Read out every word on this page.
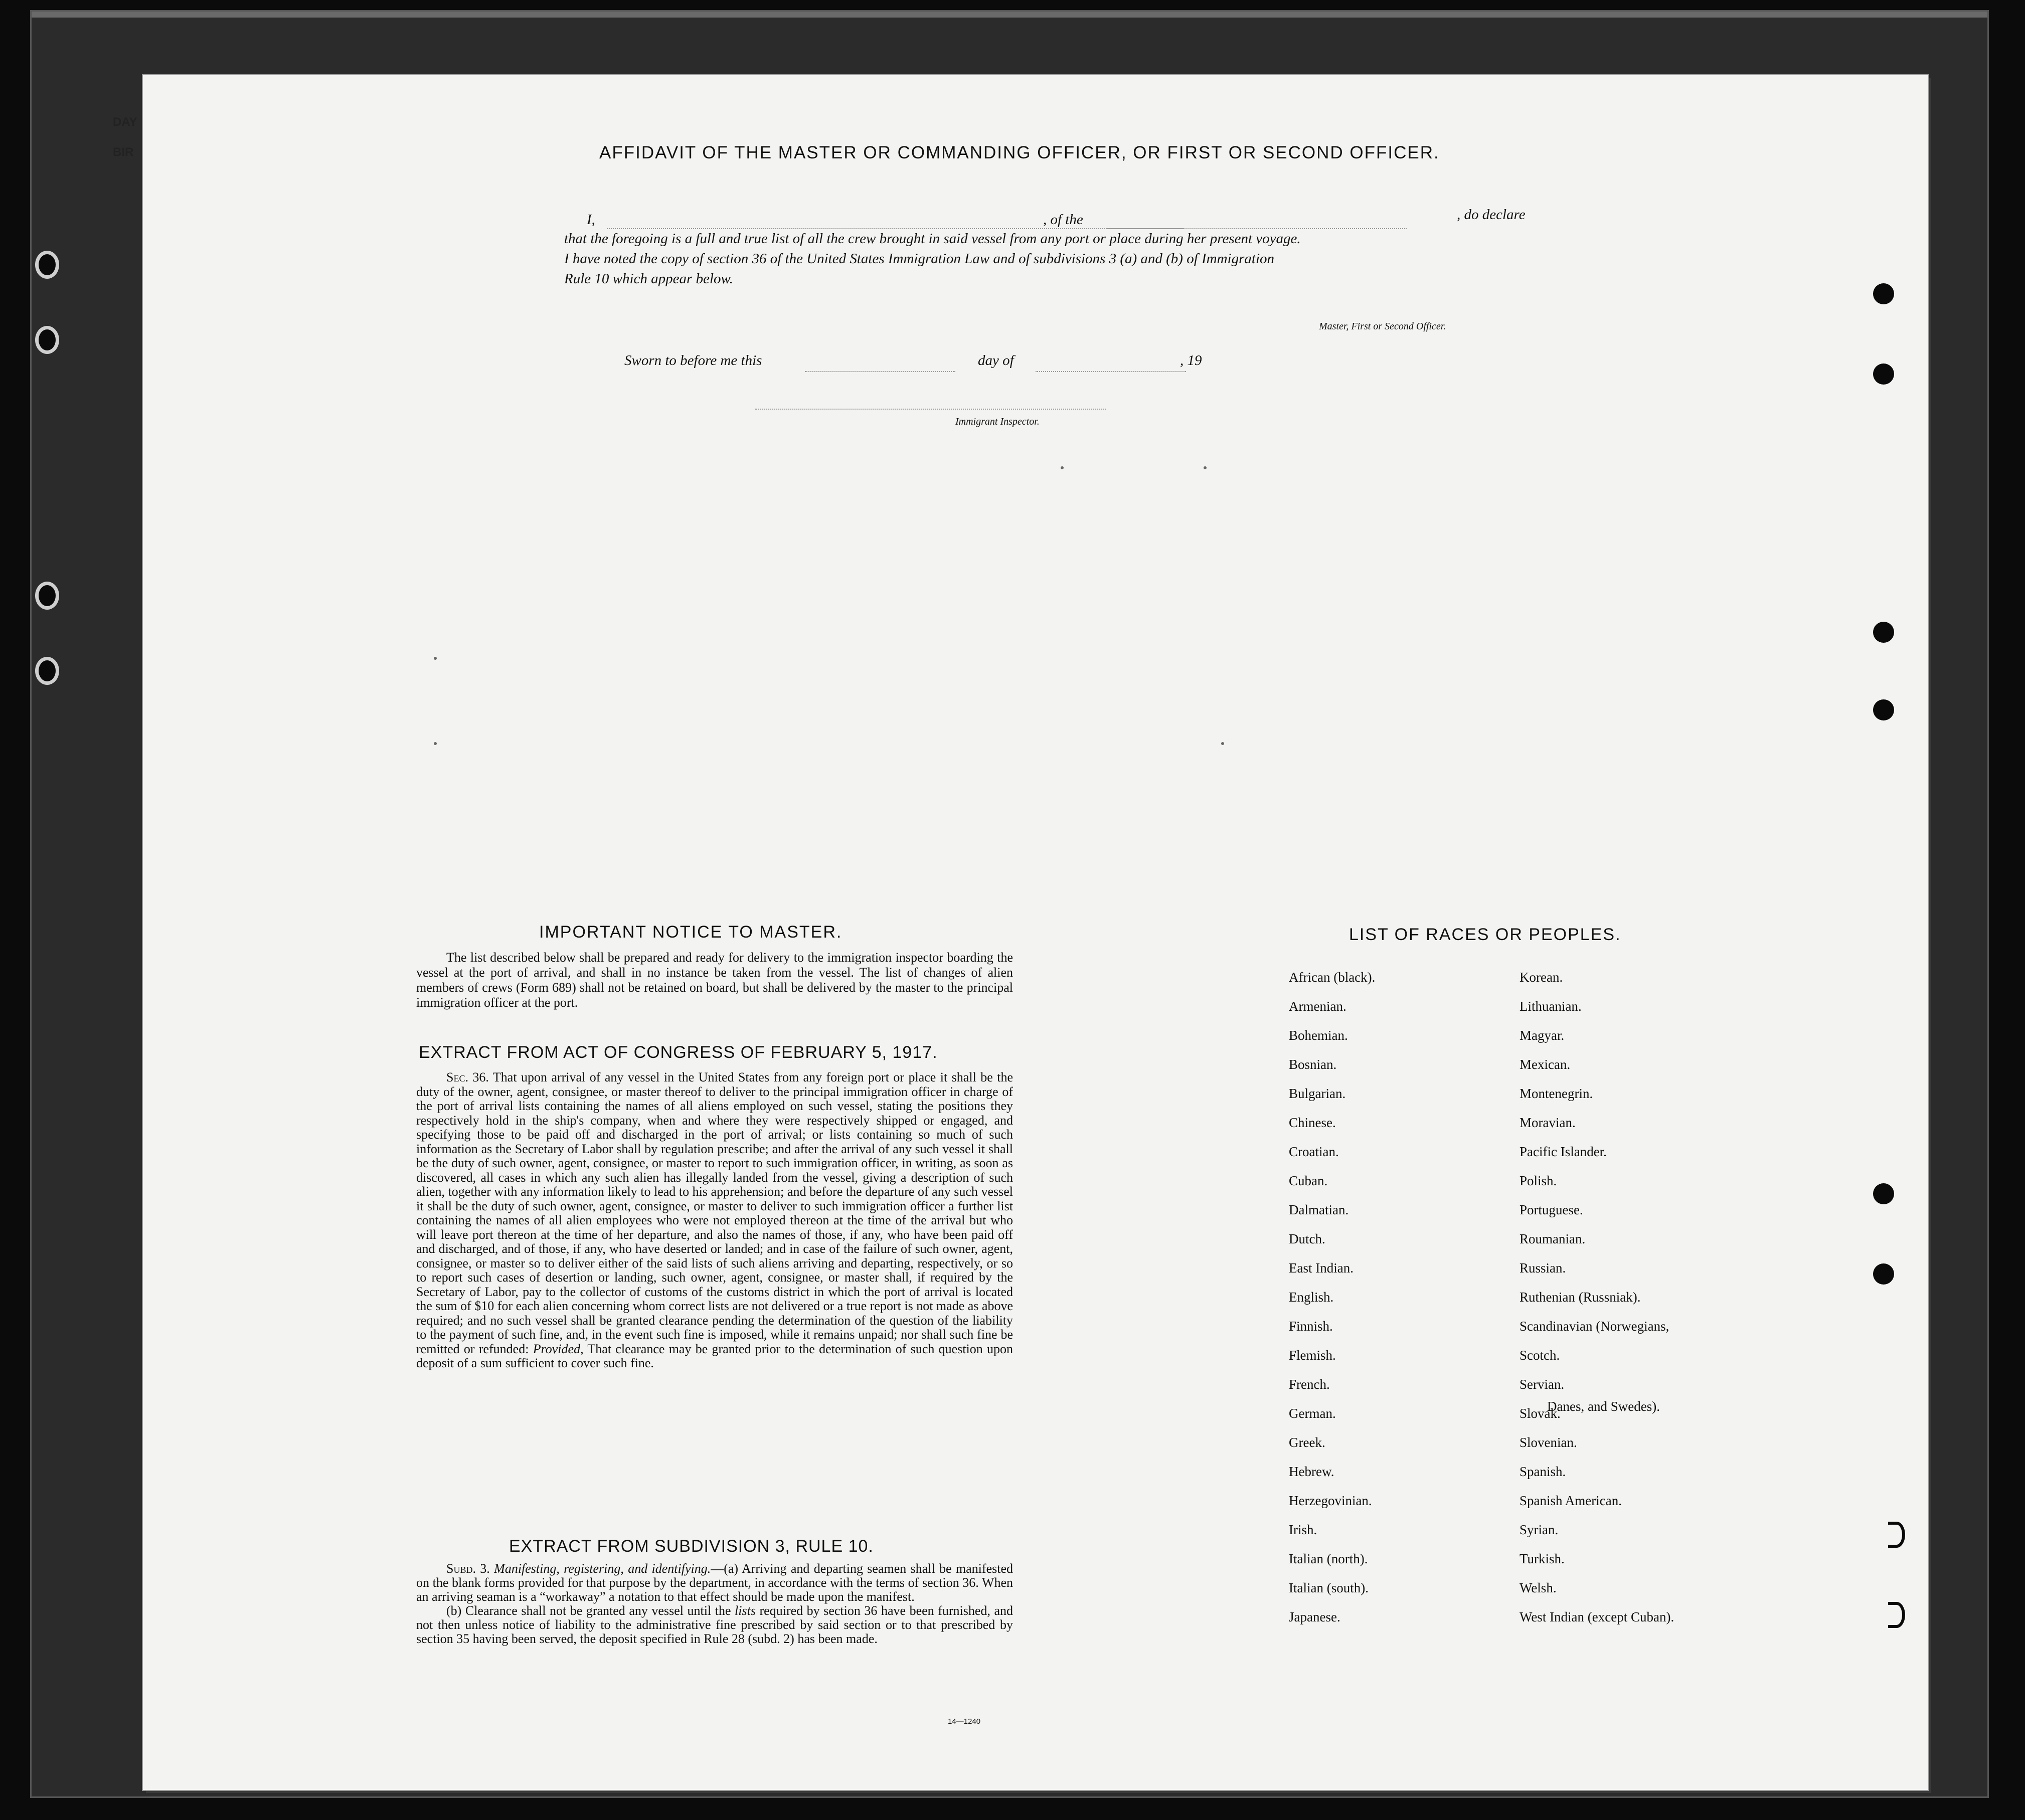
DAY
BIR	AFFIDAVIT OF THE MASTER OR COMMANDING OFFICER, OR FIRST OR SECOND OFFICER.
I,	, of the	, do declare
that the foregoing is a full and true list of all the crew brought in said vessel from any port or place during her present voyage.
I have noted the copy of section 36 of the United States Immigration Law and of subdivisions 3 (a) and (b) of Immigration
Rule 10 which appear below.
Master, First or Second Officer.
Sworn to before me this	day of	, 19
Immigrant Inspector.
IMPORTANT NOTICE TO MASTER.
The list described below shall be prepared and ready for delivery to the immigration inspector boarding the vessel at the port of arrival, and shall in no instance be taken from the vessel. The list of changes of alien members of crews (Form 689) shall not be retained on board, but shall be delivered by the master to the principal immigration officer at the port.
EXTRACT FROM ACT OF CONGRESS OF FEBRUARY 5, 1917.
Sec. 36. That upon arrival of any vessel in the United States from any foreign port or place it shall be the duty of the owner, agent, consignee, or master thereof to deliver to the principal immigration officer in charge of the port of arrival lists containing the names of all aliens employed on such vessel, stating the positions they respectively hold in the ship's company, when and where they were respectively shipped or engaged, and specifying those to be paid off and discharged in the port of arrival; or lists containing so much of such information as the Secretary of Labor shall by regulation prescribe; and after the arrival of any such vessel it shall be the duty of such owner, agent, consignee, or master to report to such immigration officer, in writing, as soon as discovered, all cases in which any such alien has illegally landed from the vessel, giving a description of such alien, together with any information likely to lead to his apprehension; and before the departure of any such vessel it shall be the duty of such owner, agent, consignee, or master to deliver to such immigration officer a further list containing the names of all alien employees who were not employed thereon at the time of the arrival but who will leave port thereon at the time of her departure, and also the names of those, if any, who have been paid off and discharged, and of those, if any, who have deserted or landed; and in case of the failure of such owner, agent, consignee, or master so to deliver either of the said lists of such aliens arriving and departing, respectively, or so to report such cases of desertion or landing, such owner, agent, consignee, or master shall, if required by the Secretary of Labor, pay to the collector of customs of the customs district in which the port of arrival is located the sum of $10 for each alien concerning whom correct lists are not delivered or a true report is not made as above required; and no such vessel shall be granted clearance pending the determination of the question of the liability to the payment of such fine, and, in the event such fine is imposed, while it remains unpaid; nor shall such fine be remitted or refunded: Provided, That clearance may be granted prior to the determination of such question upon deposit of a sum sufficient to cover such fine.
EXTRACT FROM SUBDIVISION 3, RULE 10.
Subd. 3. Manifesting, registering, and identifying.—(a) Arriving and departing seamen shall be manifested on the blank forms provided for that purpose by the department, in accordance with the terms of section 36. When an arriving seaman is a “workaway” a notation to that effect should be made upon the manifest.
(b) Clearance shall not be granted any vessel until the lists required by section 36 have been furnished, and not then unless notice of liability to the administrative fine prescribed by said section or to that prescribed by section 35 having been served, the deposit specified in Rule 28 (subd. 2) has been made.
14—1240
LIST OF RACES OR PEOPLES.
African (black).
Armenian.
Bohemian.
Bosnian.
Bulgarian.
Chinese.
Croatian.
Cuban.
Dalmatian.
Dutch.
East Indian.
English.
Finnish.
Flemish.
French.
German.
Greek.
Hebrew.
Herzegovinian.
Irish.
Italian (north).
Italian (south).
Japanese.
Korean.
Lithuanian.
Magyar.
Mexican.
Montenegrin.
Moravian.
Pacific Islander.
Polish.
Portuguese.
Roumanian.
Russian.
Ruthenian (Russniak).
Scandinavian (Norwegians,
Scotch.
Servian.
Slovak.
Slovenian.
Spanish.
Spanish American.
Syrian.
Turkish.
Welsh.
West Indian (except Cuban).
Danes, and Swedes).
